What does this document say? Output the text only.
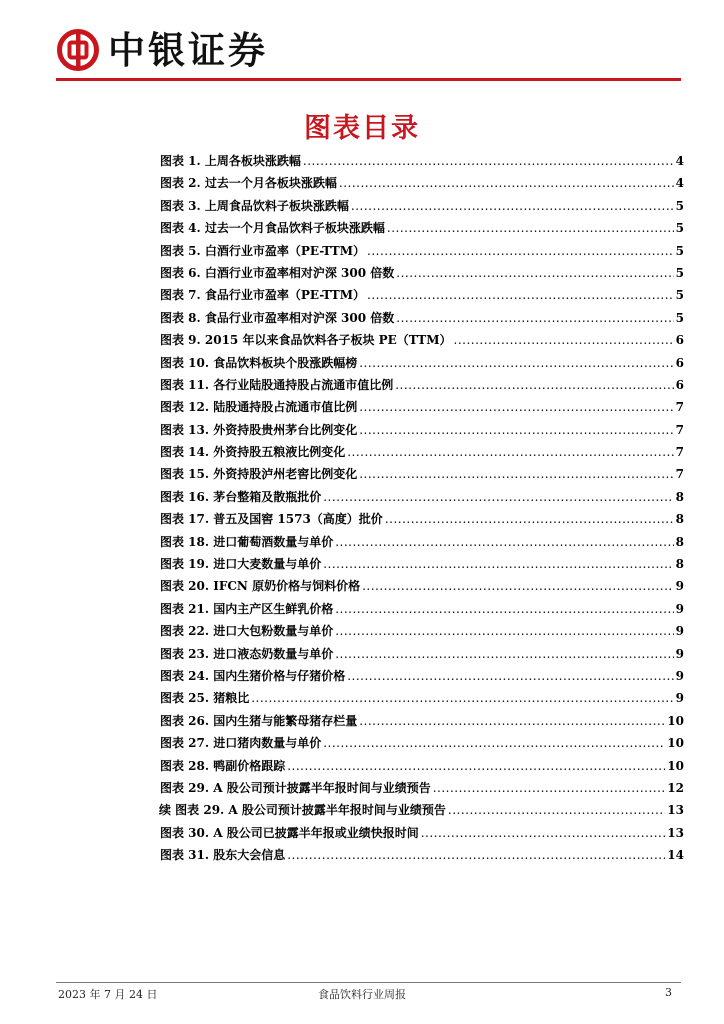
中银证券
图表目录
图表 1. 上周各板块涨跌幅 .....	4
图表 2. 过去一个月各板块涨跌幅 .....	4
图表 3. 上周食品饮料子板块涨跌幅 .....	5
图表 4. 过去一个月食品饮料子板块涨跌幅 .....	5
图表 5. 白酒行业市盈率（PE-TTM） .....	5
图表 6. 白酒行业市盈率相对沪深 300 倍数 .....	5
图表 7. 食品行业市盈率（PE-TTM） .....	5
图表 8. 食品行业市盈率相对沪深 300 倍数 .....	5
图表 9. 2015 年以来食品饮料各子板块 PE（TTM） .....	6
图表 10. 食品饮料板块个股涨跌幅榜 .....	6
图表 11. 各行业陆股通持股占流通市值比例 .....	6
图表 12. 陆股通持股占流通市值比例 .....	7
图表 13. 外资持股贵州茅台比例变化 .....	7
图表 14. 外资持股五粮液比例变化 .....	7
图表 15. 外资持股泸州老窖比例变化 .....	7
图表 16. 茅台整箱及散瓶批价 .....	8
图表 17. 普五及国窖 1573（高度）批价 .....	8
图表 18. 进口葡萄酒数量与单价 .....	8
图表 19. 进口大麦数量与单价 .....	8
图表 20. IFCN 原奶价格与饲料价格 .....	9
图表 21. 国内主产区生鲜乳价格 .....	9
图表 22. 进口大包粉数量与单价 .....	9
图表 23. 进口液态奶数量与单价 .....	9
图表 24. 国内生猪价格与仔猪价格 .....	9
图表 25. 猪粮比 .....	9
图表 26. 国内生猪与能繁母猪存栏量 .....	10
图表 27. 进口猪肉数量与单价 .....	10
图表 28. 鸭副价格跟踪 .....	10
图表 29. A 股公司预计披露半年报时间与业绩预告 .....	12
续 图表 29. A 股公司预计披露半年报时间与业绩预告 .....	13
图表 30. A 股公司已披露半年报或业绩快报时间 .....	13
图表 31. 股东大会信息 .....	14
2023 年 7 月 24 日	食品饮料行业周报	3
